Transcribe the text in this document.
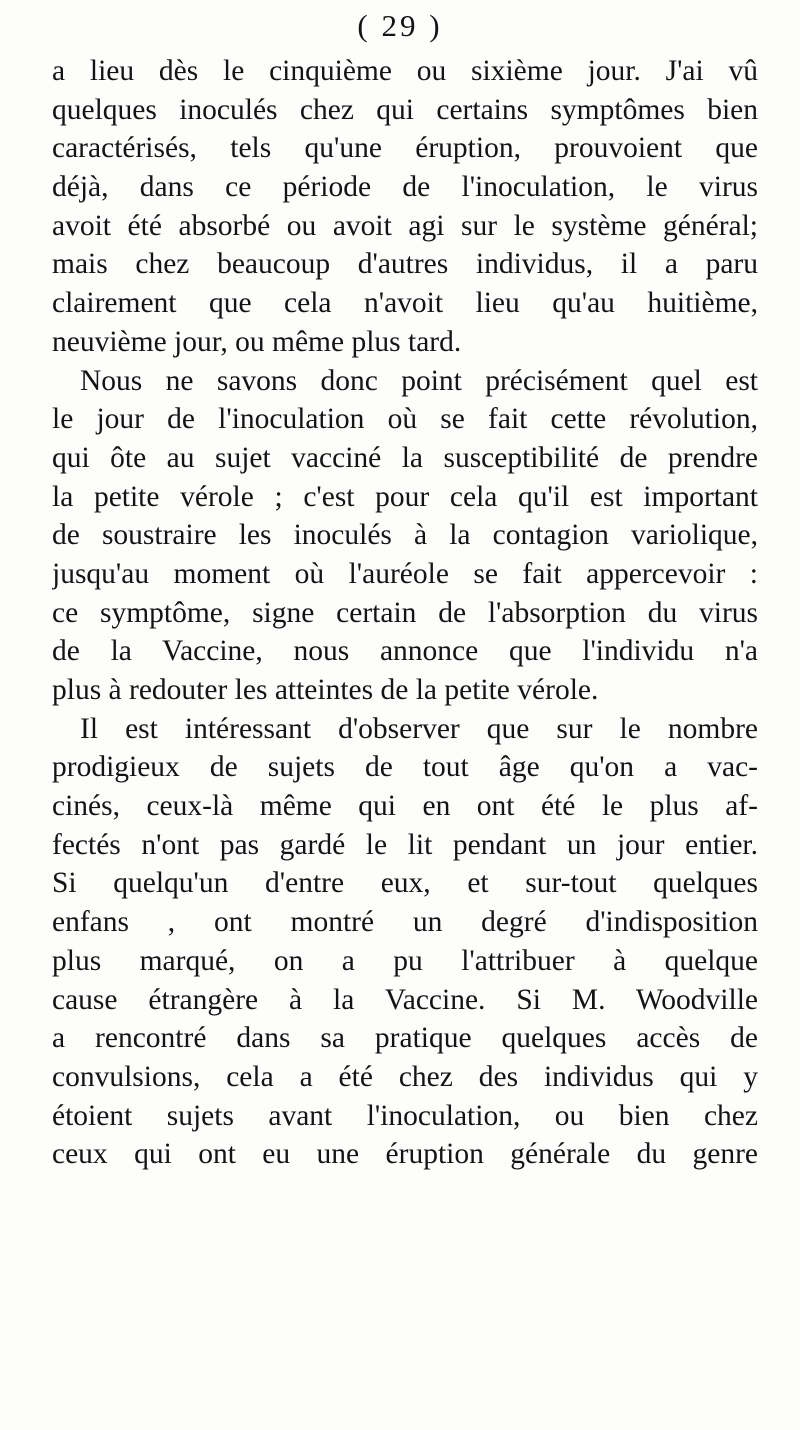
( 29 )
a lieu dès le cinquième ou sixième jour. J'ai vû
quelques inoculés chez qui certains symptômes bien
caractérisés, tels qu'une éruption, prouvoient que
déjà, dans ce période de l'inoculation, le virus
avoit été absorbé ou avoit agi sur le système général;
mais chez beaucoup d'autres individus, il a paru
clairement que cela n'avoit lieu qu'au huitième,
neuvième jour, ou même plus tard.
Nous ne savons donc point précisément quel est
le jour de l'inoculation où se fait cette révolution,
qui ôte au sujet vacciné la susceptibilité de prendre
la petite vérole ; c'est pour cela qu'il est important
de soustraire les inoculés à la contagion variolique,
jusqu'au moment où l'auréole se fait appercevoir :
ce symptôme, signe certain de l'absorption du virus
de la Vaccine, nous annonce que l'individu n'a
plus à redouter les atteintes de la petite vérole.
Il est intéressant d'observer que sur le nombre
prodigieux de sujets de tout âge qu'on a vac-
cinés, ceux-là même qui en ont été le plus af-
fectés n'ont pas gardé le lit pendant un jour entier.
Si quelqu'un d'entre eux, et sur-tout quelques
enfans , ont montré un degré d'indisposition
plus marqué, on a pu l'attribuer à quelque
cause étrangère à la Vaccine. Si M. Woodville
a rencontré dans sa pratique quelques accès de
convulsions, cela a été chez des individus qui y
étoient sujets avant l'inoculation, ou bien chez
ceux qui ont eu une éruption générale du genre
